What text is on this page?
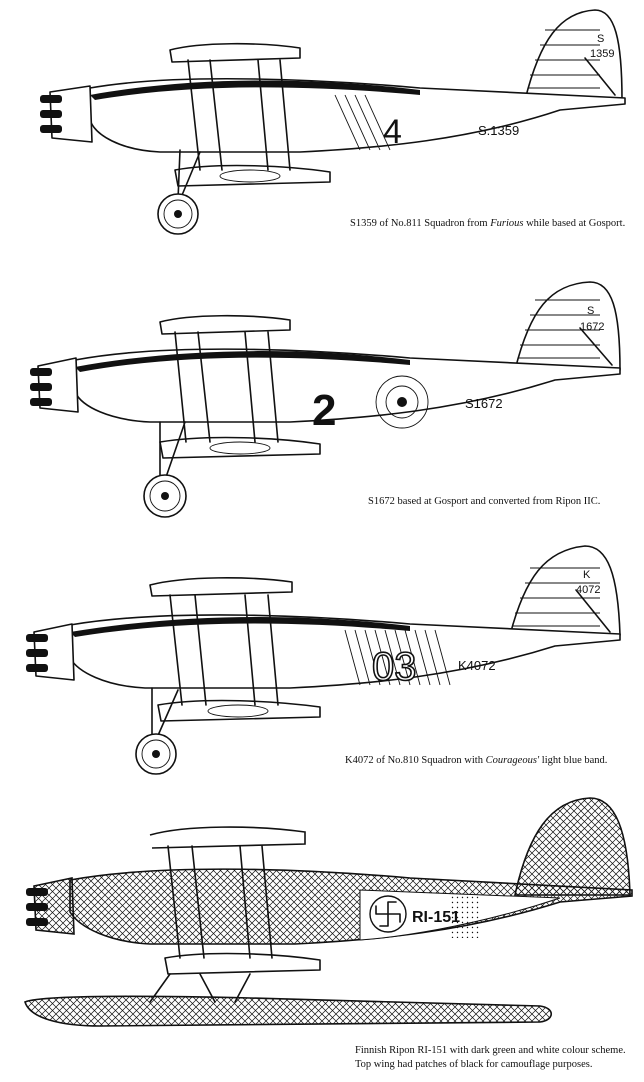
4	S.1359
S
1359
S1359 of No.811 Squadron from Furious while based at Gosport.
2	S1672
S
1672
S1672 based at Gosport and converted from Ripon IIC.
03	K4072
K
4072
K4072 of No.810 Squadron with Courageous' light blue band.
RI-151
Finnish Ripon RI-151 with dark green and white colour scheme.
Top wing had patches of black for camouflage purposes.
